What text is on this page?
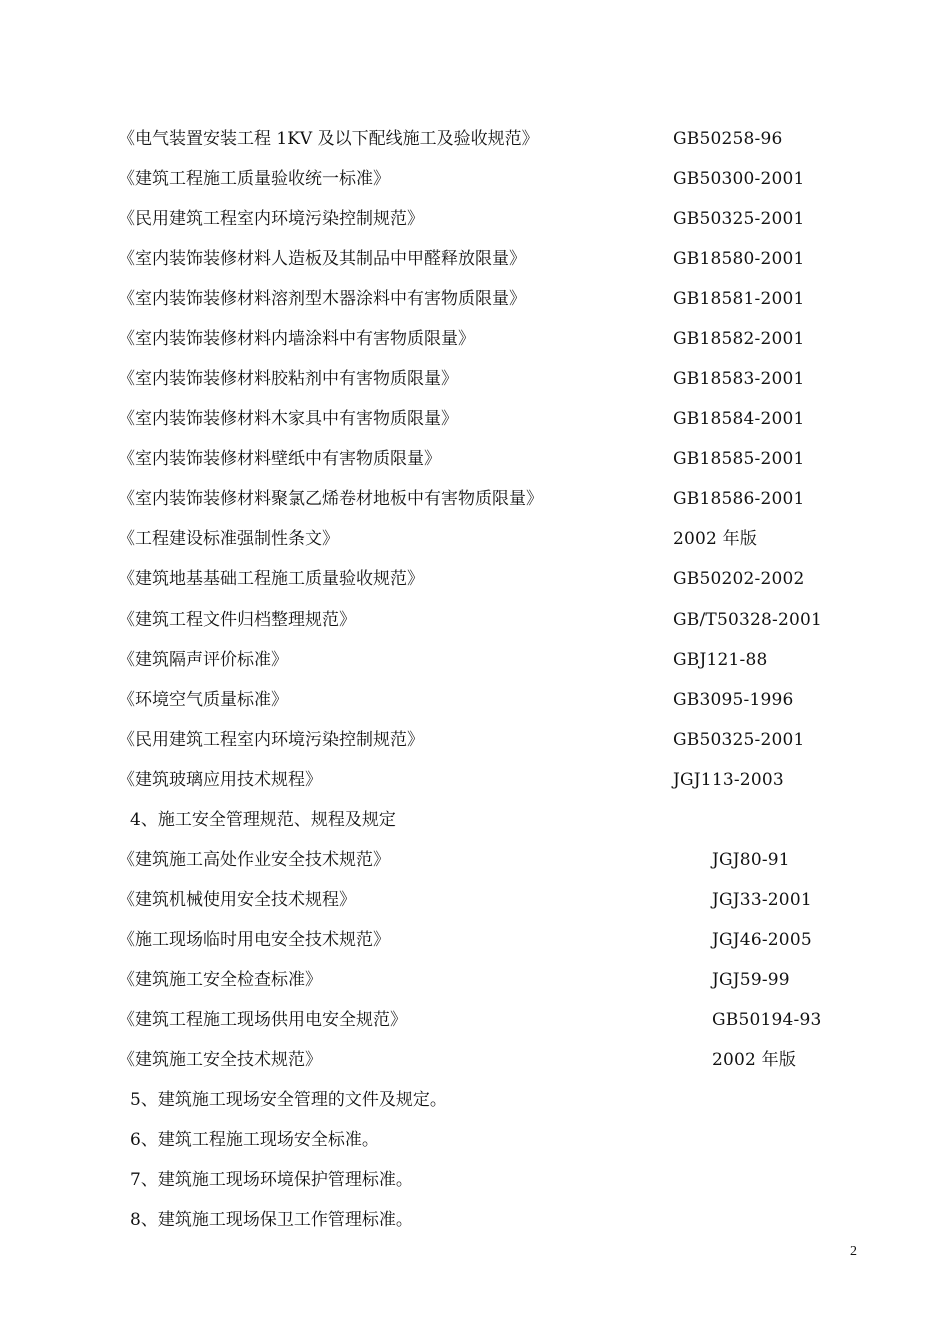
《电气装置安装工程 1KV 及以下配线施工及验收规范》	GB50258-96
《建筑工程施工质量验收统一标准》	GB50300-2001
《民用建筑工程室内环境污染控制规范》	GB50325-2001
《室内装饰装修材料人造板及其制品中甲醛释放限量》	GB18580-2001
《室内装饰装修材料溶剂型木器涂料中有害物质限量》	GB18581-2001
《室内装饰装修材料内墙涂料中有害物质限量》	GB18582-2001
《室内装饰装修材料胶粘剂中有害物质限量》	GB18583-2001
《室内装饰装修材料木家具中有害物质限量》	GB18584-2001
《室内装饰装修材料壁纸中有害物质限量》	GB18585-2001
《室内装饰装修材料聚氯乙烯卷材地板中有害物质限量》	GB18586-2001
《工程建设标准强制性条文》	2002 年版
《建筑地基基础工程施工质量验收规范》	GB50202-2002
《建筑工程文件归档整理规范》	GB/T50328-2001
《建筑隔声评价标准》	GBJ121-88
《环境空气质量标准》	GB3095-1996
《民用建筑工程室内环境污染控制规范》	GB50325-2001
《建筑玻璃应用技术规程》	JGJ113-2003
4、施工安全管理规范、规程及规定
《建筑施工高处作业安全技术规范》	JGJ80-91
《建筑机械使用安全技术规程》	JGJ33-2001
《施工现场临时用电安全技术规范》	JGJ46-2005
《建筑施工安全检查标准》	JGJ59-99
《建筑工程施工现场供用电安全规范》	GB50194-93
《建筑施工安全技术规范》	2002 年版
5、建筑施工现场安全管理的文件及规定。
6、建筑工程施工现场安全标准。
7、建筑施工现场环境保护管理标准。
8、建筑施工现场保卫工作管理标准。
2
